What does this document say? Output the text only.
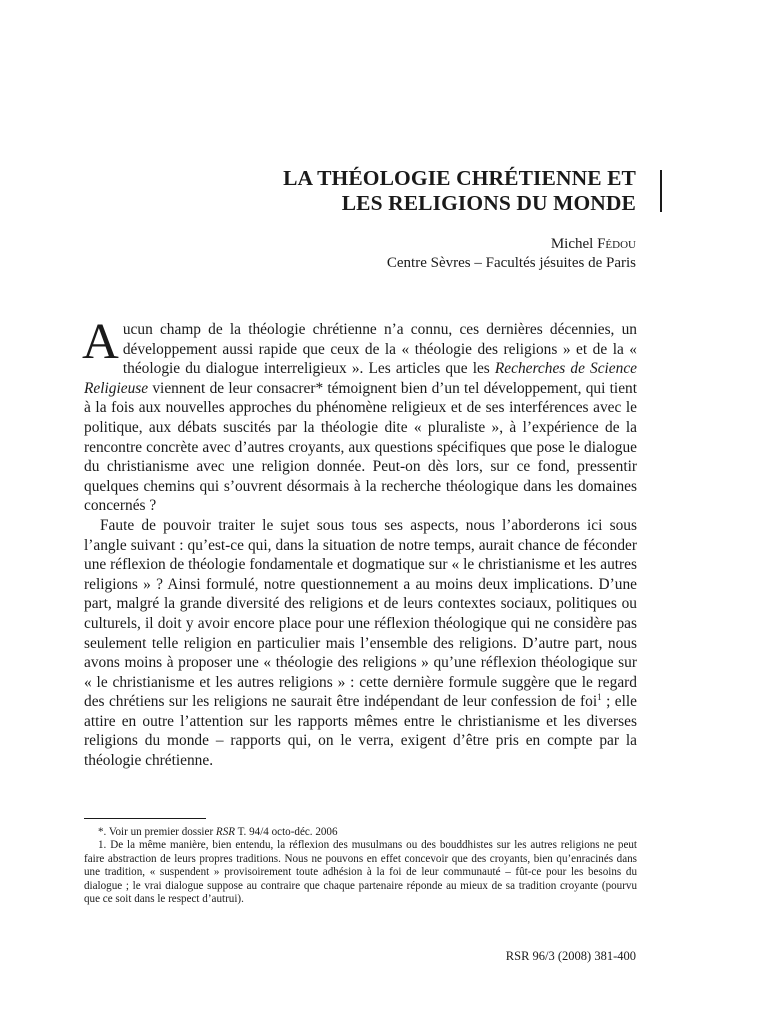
LA THÉOLOGIE CHRÉTIENNE ET
LES RELIGIONS DU MONDE
Michel Fédou
Centre Sèvres – Facultés jésuites de Paris

Aucun champ de la théologie chrétienne n’a connu, ces dernières décennies, un développement aussi rapide que ceux de la « théologie des religions » et de la « théologie du dialogue interreligieux ». Les articles que les Recherches de Science Religieuse viennent de leur consacrer* témoignent bien d’un tel développement, qui tient à la fois aux nouvelles approches du phénomène religieux et de ses interférences avec le politique, aux débats suscités par la théologie dite « pluraliste », à l’expérience de la rencontre concrète avec d’autres croyants, aux questions spécifiques que pose le dialogue du christianisme avec une religion donnée. Peut-on dès lors, sur ce fond, pressentir quelques chemins qui s’ouvrent désormais à la recherche théologique dans les domaines concernés ?

Faute de pouvoir traiter le sujet sous tous ses aspects, nous l’aborderons ici sous l’angle suivant : qu’est-ce qui, dans la situation de notre temps, aurait chance de féconder une réflexion de théologie fondamentale et dogmatique sur « le christianisme et les autres religions » ? Ainsi formulé, notre questionnement a au moins deux implications. D’une part, malgré la grande diversité des religions et de leurs contextes sociaux, politiques ou culturels, il doit y avoir encore place pour une réflexion théologique qui ne considère pas seulement telle religion en particulier mais l’ensemble des religions. D’autre part, nous avons moins à proposer une « théologie des religions » qu’une réflexion théologique sur « le christianisme et les autres religions » : cette dernière formule suggère que le regard des chrétiens sur les religions ne saurait être indépendant de leur confession de foi$^1$ ; elle attire en outre l’attention sur les rapports mêmes entre le christianisme et les diverses religions du monde – rapports qui, on le verra, exigent d’être pris en compte par la théologie chrétienne.

*. Voir un premier dossier RSR T. 94/4 octo-déc. 2006

1. De la même manière, bien entendu, la réflexion des musulmans ou des bouddhistes sur les autres religions ne peut faire abstraction de leurs propres traditions. Nous ne pouvons en effet concevoir que des croyants, bien qu’enracinés dans une tradition, « suspendent » provisoirement toute adhésion à la foi de leur communauté – fût-ce pour les besoins du dialogue ; le vrai dialogue suppose au contraire que chaque partenaire réponde au mieux de sa tradition croyante (pourvu que ce soit dans le respect d’autrui).

RSR 96/3 (2008) 381-400
